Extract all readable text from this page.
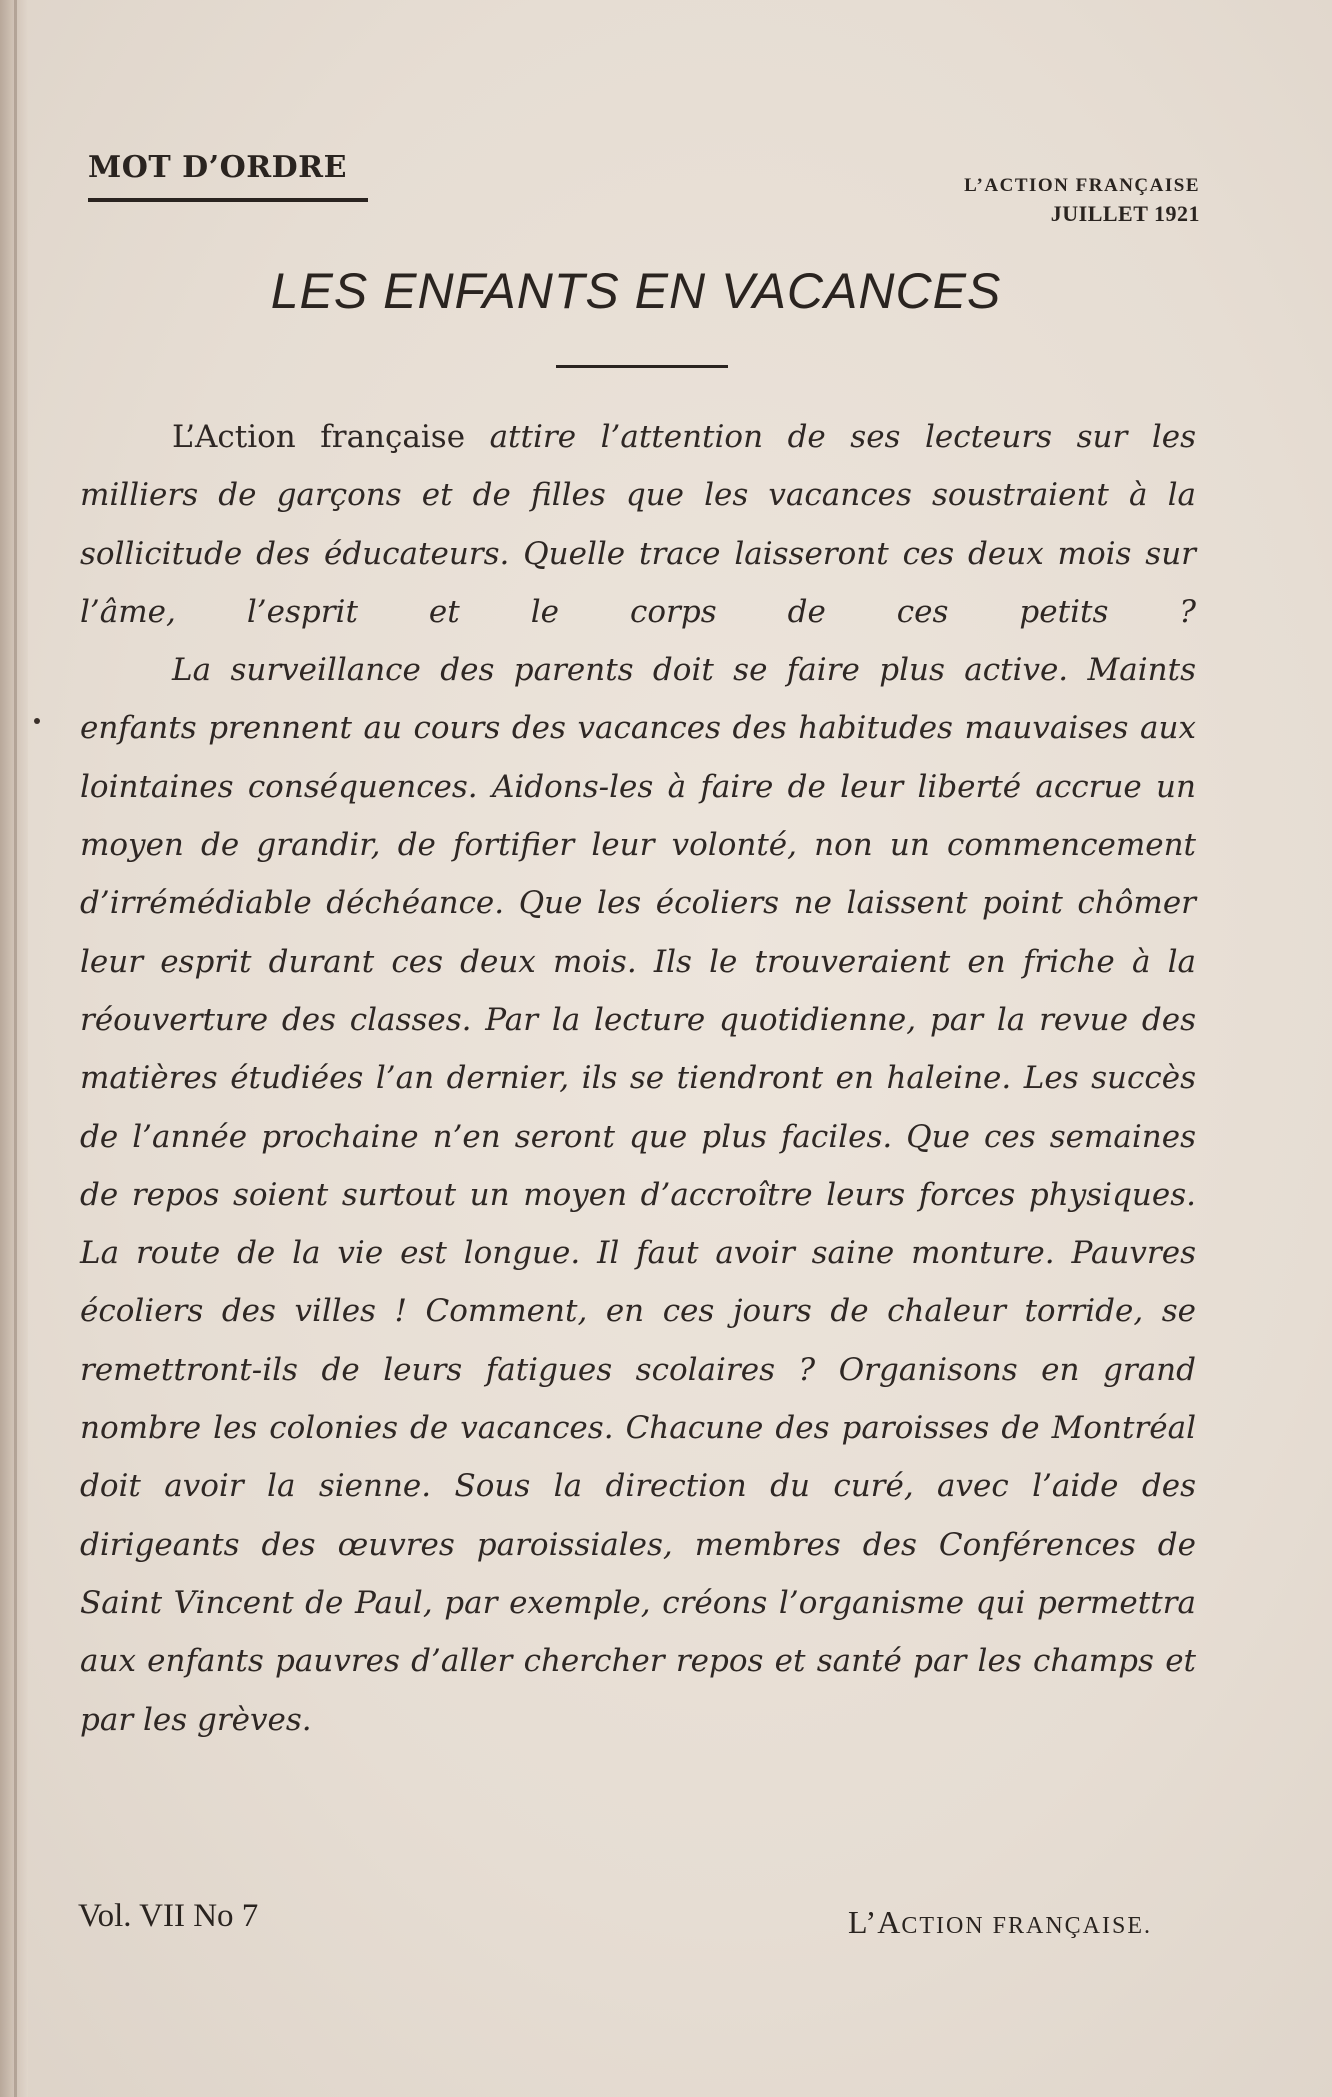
MOT D’ORDRE
L’ACTION FRANÇAISE
JUILLET 1921
LES ENFANTS EN VACANCES

L’Action française attire l’attention de ses lecteurs sur les milliers de garçons et de filles que les vacances soustraient à la sollicitude des éducateurs. Quelle trace laisseront ces deux mois sur l’âme, l’esprit et le corps de ces petits ?

La surveillance des parents doit se faire plus active. Maints enfants prennent au cours des vacances des habitudes mauvaises aux lointaines conséquences. Aidons-les à faire de leur liberté accrue un moyen de grandir, de fortifier leur volonté, non un commencement d’irrémédiable déchéance. Que les écoliers ne laissent point chômer leur esprit durant ces deux mois. Ils le trouveraient en friche à la réouverture des classes. Par la lecture quotidienne, par la revue des matières étudiées l’an dernier, ils se tiendront en haleine. Les succès de l’année prochaine n’en seront que plus faciles. Que ces semaines de repos soient surtout un moyen d’accroître leurs forces physiques. La route de la vie est longue. Il faut avoir saine monture. Pauvres écoliers des villes ! Comment, en ces jours de chaleur torride, se remettront-ils de leurs fatigues scolaires ? Organisons en grand nombre les colonies de vacances. Chacune des paroisses de Montréal doit avoir la sienne. Sous la direction du curé, avec l’aide des dirigeants des œuvres paroissiales, membres des Conférences de Saint Vincent de Paul, par exemple, créons l’organisme qui permettra aux enfants pauvres d’aller chercher repos et santé par les champs et par les grèves.

Vol. VII No 7	L’ACTION FRANÇAISE.
